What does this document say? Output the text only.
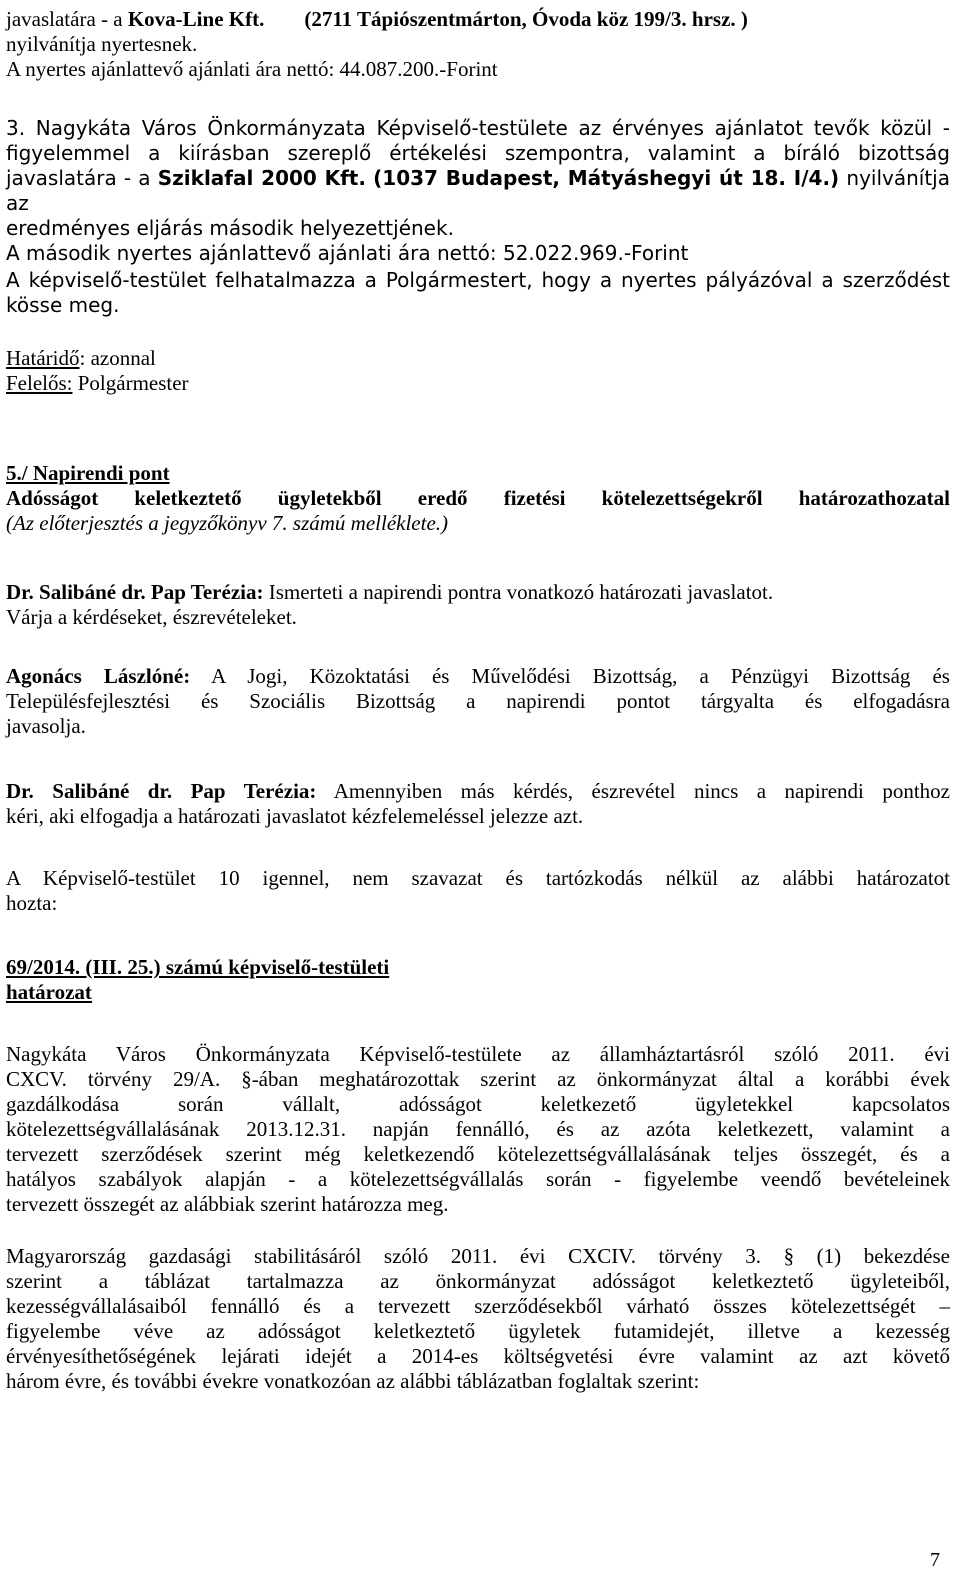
javaslatára - a Kova-Line Kft. (2711 Tápiószentmárton, Óvoda köz 199/3. hrsz. )
nyilvánítja nyertesnek.
A nyertes ajánlattevő ajánlati ára nettó: 44.087.200.-Forint
3. Nagykáta Város Önkormányzata Képviselő-testülete az érvényes ajánlatot tevők közül -
figyelemmel a kiírásban szereplő értékelési szempontra, valamint a bíráló bizottság
javaslatára - a Sziklafal 2000 Kft. (1037 Budapest, Mátyáshegyi út 18. I/4.) nyilvánítja az
eredményes eljárás második helyezettjének.
A második nyertes ajánlattevő ajánlati ára nettó: 52.022.969.-Forint
A képviselő-testület felhatalmazza a Polgármestert, hogy a nyertes pályázóval a szerződést
kösse meg.
Határidő: azonnal
Felelős: Polgármester
5./ Napirendi pont
Adósságot keletkeztető ügyletekből eredő fizetési kötelezettségekről határozathozatal
(Az előterjesztés a jegyzőkönyv 7. számú melléklete.)
Dr. Salibáné dr. Pap Terézia: Ismerteti a napirendi pontra vonatkozó határozati javaslatot.
Várja a kérdéseket, észrevételeket.
Agonács Lászlóné: A Jogi, Közoktatási és Művelődési Bizottság, a Pénzügyi Bizottság és
Településfejlesztési és Szociális Bizottság a napirendi pontot tárgyalta és elfogadásra
javasolja.
Dr. Salibáné dr. Pap Terézia: Amennyiben más kérdés, észrevétel nincs a napirendi ponthoz
kéri, aki elfogadja a határozati javaslatot kézfelemeléssel jelezze azt.
A Képviselő-testület 10 igennel, nem szavazat és tartózkodás nélkül az alábbi határozatot
hozta:
69/2014. (III. 25.) számú képviselő-testületi
határozat
Nagykáta Város Önkormányzata Képviselő-testülete az államháztartásról szóló 2011. évi
CXCV. törvény 29/A. §-ában meghatározottak szerint az önkormányzat által a korábbi évek
gazdálkodása során vállalt, adósságot keletkezető ügyletekkel kapcsolatos
kötelezettségvállalásának 2013.12.31. napján fennálló, és az azóta keletkezett, valamint a
tervezett szerződések szerint még keletkezendő kötelezettségvállalásának teljes összegét, és a
hatályos szabályok alapján - a kötelezettségvállalás során - figyelembe veendő bevételeinek
tervezett összegét az alábbiak szerint határozza meg.
Magyarország gazdasági stabilitásáról szóló 2011. évi CXCIV. törvény 3. § (1) bekezdése
szerint a táblázat tartalmazza az önkormányzat adósságot keletkeztető ügyleteiből,
kezességvállalásaiból fennálló és a tervezett szerződésekből várható összes kötelezettségét –
figyelembe véve az adósságot keletkeztető ügyletek futamidejét, illetve a kezesség
érvényesíthetőségének lejárati idejét a 2014-es költségvetési évre valamint az azt követő
három évre, és további évekre vonatkozóan az alábbi táblázatban foglaltak szerint:
7
